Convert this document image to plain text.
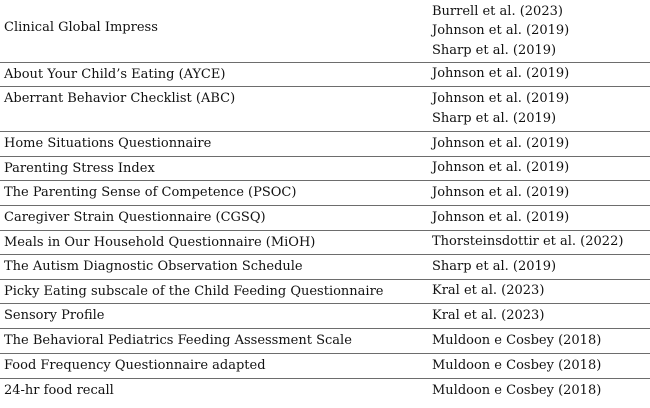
Clinical Global Impress	Burrell et al. (2023)
Johnson et al. (2019)
Sharp et al. (2019)

About Your Child’s Eating (AYCE)	Johnson et al. (2019)

Aberrant Behavior Checklist (ABC)	Johnson et al. (2019)
Sharp et al. (2019)

Home Situations Questionnaire	Johnson et al. (2019)

Parenting Stress Index	Johnson et al. (2019)

The Parenting Sense of Competence (PSOC)	Johnson et al. (2019)

Caregiver Strain Questionnaire (CGSQ)	Johnson et al. (2019)

Meals in Our Household Questionnaire (MiOH)	Thorsteinsdottir et al. (2022)

The Autism Diagnostic Observation Schedule	Sharp et al. (2019)

Picky Eating subscale of the Child Feeding Questionnaire	Kral et al. (2023)

Sensory Profile	Kral et al. (2023)

The Behavioral Pediatrics Feeding Assessment Scale	Muldoon e Cosbey (2018)

Food Frequency Questionnaire adapted	Muldoon e Cosbey (2018)

24-hr food recall	Muldoon e Cosbey (2018)
